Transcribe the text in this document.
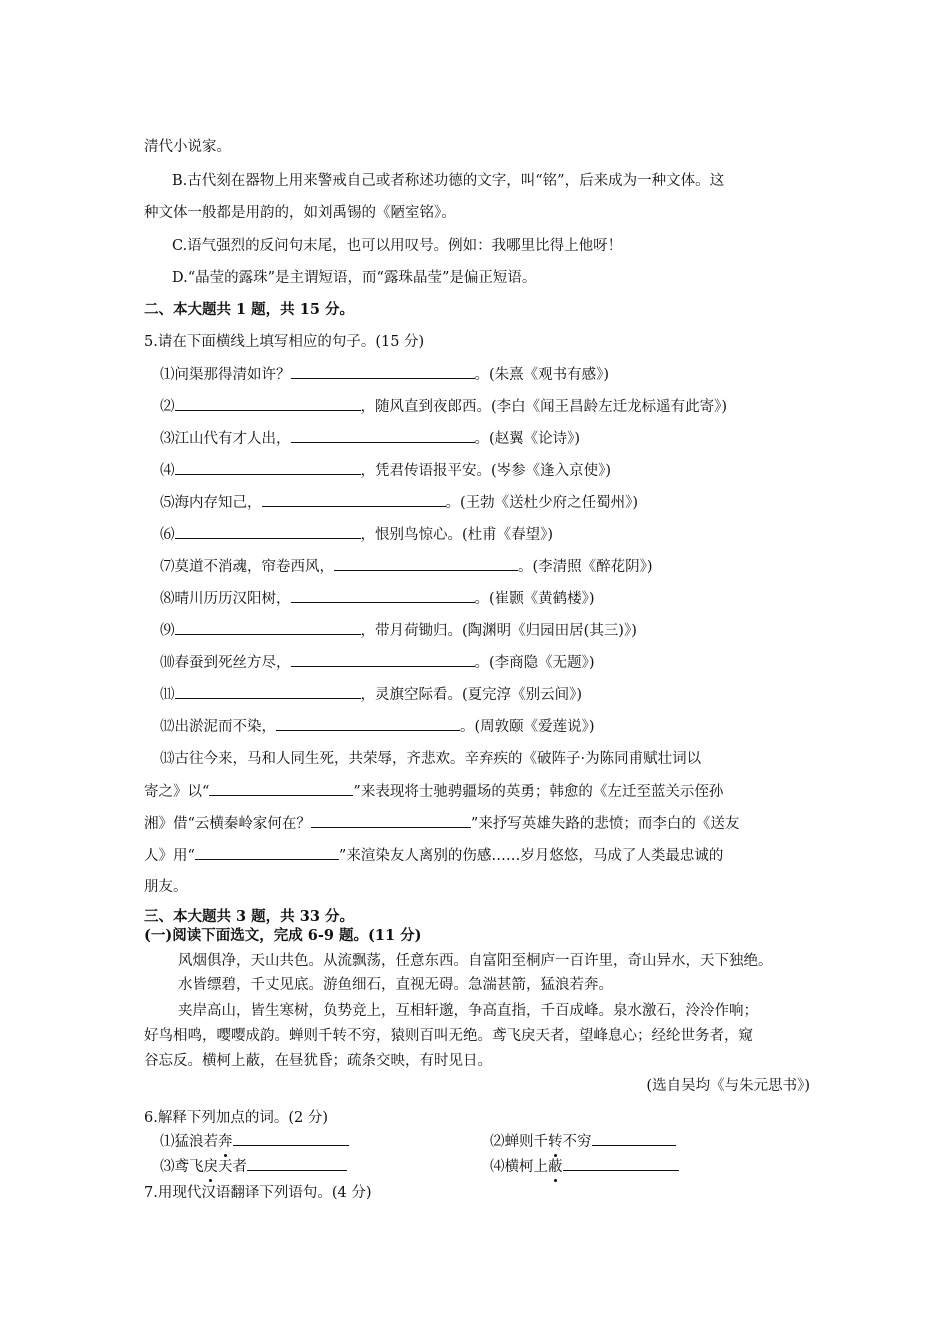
清代小说家。
B.古代刻在器物上用来警戒自己或者称述功德的文字，叫“铭”，后来成为一种文体。这
种文体一般都是用韵的，如刘禹锡的《陋室铭》。
C.语气强烈的反问句末尾，也可以用叹号。例如：我哪里比得上他呀！
D.“晶莹的露珠”是主谓短语，而“露珠晶莹”是偏正短语。
二、本大题共 1 题，共 15 分。
5.请在下面横线上填写相应的句子。(15 分)
⑴问渠那得清如许？	。(朱熹《观书有感》)
⑵	，随风直到夜郎西。(李白《闻王昌龄左迁龙标遥有此寄》)
⑶江山代有才人出，	。(赵翼《论诗》)
⑷	，凭君传语报平安。(岑参《逢入京使》)
⑸海内存知己，	。(王勃《送杜少府之任蜀州》)
⑹	，恨别鸟惊心。(杜甫《春望》)
⑺莫道不消魂，帘卷西风，	。(李清照《醉花阴》)
⑻晴川历历汉阳树，	。(崔颢《黄鹤楼》)
⑼	，带月荷锄归。(陶渊明《归园田居(其三)》)
⑽春蚕到死丝方尽，	。(李商隐《无题》)
⑾	，灵旗空际看。(夏完淳《别云间》)
⑿出淤泥而不染，	。(周敦颐《爱莲说》)
⒀古往今来，马和人同生死，共荣辱，齐悲欢。辛弃疾的《破阵子·为陈同甫赋壮词以
寄之》以“	”来表现将士驰骋疆场的英勇；韩愈的《左迁至蓝关示侄孙
湘》借“云横秦岭家何在？	”来抒写英雄失路的悲愤；而李白的《送友
人》用“	”来渲染友人离别的伤感……岁月悠悠，马成了人类最忠诚的
朋友。
三、本大题共 3 题，共 33 分。
(一)阅读下面选文，完成 6-9 题。(11 分)
风烟俱净，天山共色。从流飘荡，任意东西。自富阳至桐庐一百许里，奇山异水，天下独绝。
水皆缥碧，千丈见底。游鱼细石，直视无碍。急湍甚箭，猛浪若奔。
夹岸高山，皆生寒树，负势竞上，互相轩邈，争高直指，千百成峰。泉水激石，泠泠作响；
好鸟相鸣，嘤嘤成韵。蝉则千转不穷，猿则百叫无绝。鸢飞戾天者，望峰息心；经纶世务者，窥
谷忘反。横柯上蔽，在昼犹昏；疏条交映，有时见日。
(选自吴均《与朱元思书》)
6.解释下列加点的词。(2 分)
⑴猛浪若奔	⑵蝉则千转不穷
⑶鸢飞戾天者	⑷横柯上蔽
7.用现代汉语翻译下列语句。(4 分)
